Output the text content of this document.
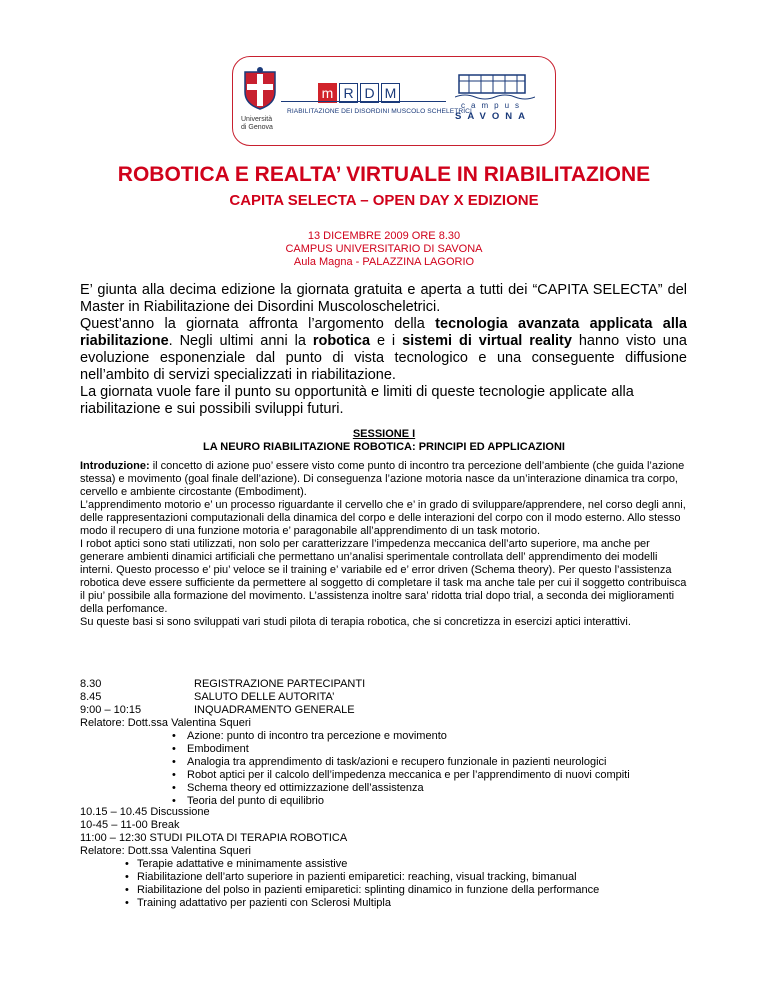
Università
di Genova
m R D M
RIABILITAZIONE DEI DISORDINI MUSCOLO SCHELETRICI
campus
SAVONA
ROBOTICA E REALTA’ VIRTUALE IN RIABILITAZIONE
CAPITA SELECTA – OPEN DAY X EDIZIONE
13 DICEMBRE 2009 ORE 8.30
CAMPUS UNIVERSITARIO DI SAVONA
Aula Magna - PALAZZINA LAGORIO

E’ giunta alla decima edizione la giornata gratuita e aperta a tutti dei “CAPITA SELECTA” del Master in Riabilitazione dei Disordini Muscoloscheletrici.

Quest’anno la giornata affronta l’argomento della tecnologia avanzata applicata alla riabilitazione. Negli ultimi anni la robotica e i sistemi di virtual reality hanno visto una evoluzione esponenziale dal punto di vista tecnologico e una conseguente diffusione nell’ambito di servizi specializzati in riabilitazione.

La giornata vuole fare il punto su opportunità e limiti di queste tecnologie applicate alla riabilitazione e sui possibili sviluppi futuri.

SESSIONE I
LA NEURO RIABILITAZIONE ROBOTICA: PRINCIPI ED APPLICAZIONI

Introduzione: il concetto di azione puo’ essere visto come punto di incontro tra percezione dell’ambiente (che guida l’azione stessa) e movimento (goal finale dell’azione). Di conseguenza l’azione motoria nasce da un’interazione dinamica tra corpo, cervello e ambiente circostante (Embodiment).

L’apprendimento motorio e’ un processo riguardante il cervello che e’ in grado di sviluppare/apprendere, nel corso degli anni, delle rappresentazioni computazionali della dinamica del corpo e delle interazioni del corpo con il modo esterno. Allo stesso modo il recupero di una funzione motoria e’ paragonabile all’apprendimento di un task motorio.

I robot aptici sono stati utilizzati, non solo per caratterizzare l’impedenza meccanica dell’arto superiore, ma anche per generare ambienti dinamici artificiali che permettano un’analisi sperimentale controllata dell’ apprendimento dei modelli interni. Questo processo e’ piu’ veloce se il training e’ variabile ed e’ error driven (Schema theory). Per questo l’assistenza robotica deve essere sufficiente da permettere al soggetto di completare il task ma anche tale per cui il soggetto contribuisca il piu’ possibile alla formazione del movimento. L’assistenza inoltre sara’ ridotta trial dopo trial, a seconda dei miglioramenti della perfomance.

Su queste basi si sono sviluppati vari studi pilota di terapia robotica, che si concretizza in esercizi aptici interattivi.

8.30	REGISTRAZIONE PARTECIPANTI
8.45	SALUTO DELLE AUTORITA’
9:00 – 10:15	INQUADRAMENTO GENERALE
Relatore: Dott.ssa Valentina Squeri
• Azione: punto di incontro tra percezione e movimento
• Embodiment
• Analogia tra apprendimento di task/azioni e recupero funzionale in pazienti neurologici
• Robot aptici per il calcolo dell’impedenza meccanica e per l’apprendimento di nuovi compiti
• Schema theory ed ottimizzazione dell’assistenza
• Teoria del punto di equilibrio
10.15 – 10.45 Discussione
10-45 – 11-00 Break
11:00 – 12:30 STUDI PILOTA DI TERAPIA ROBOTICA
Relatore: Dott.ssa Valentina Squeri
• Terapie adattative e minimamente assistive
• Riabilitazione dell’arto superiore in pazienti emiparetici: reaching, visual tracking, bimanual
• Riabilitazione del polso in pazienti emiparetici: splinting dinamico in funzione della performance
• Training adattativo per pazienti con Sclerosi Multipla
